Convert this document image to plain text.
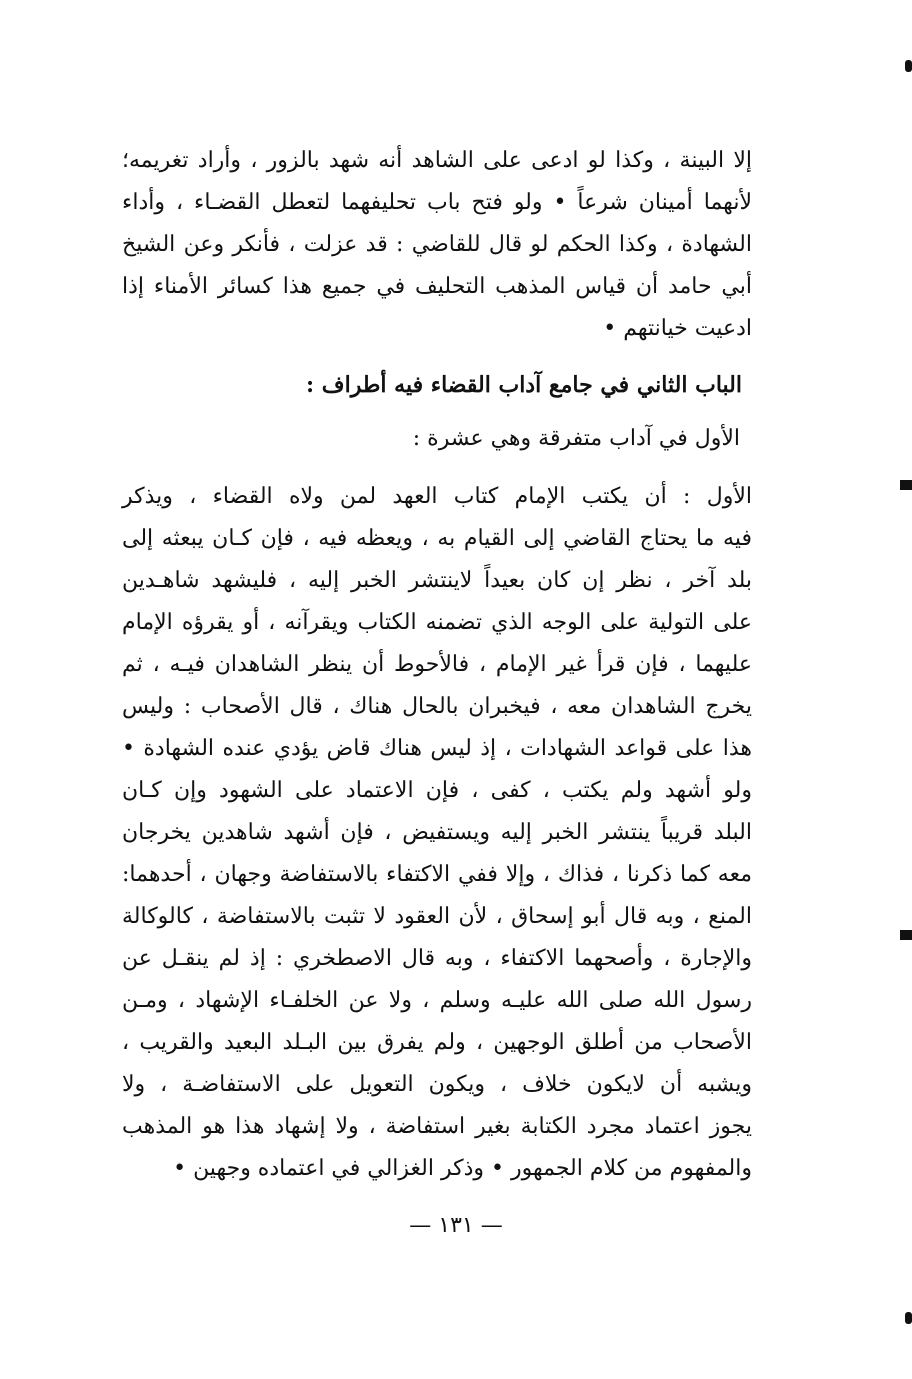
إلا البينة ، وكذا لو ادعى على الشاهد أنه شهد بالزور ، وأراد تغريمه؛
لأنهما أمينان شرعاً • ولو فتح باب تحليفهما لتعطل القضـاء ، وأداء
الشهادة ، وكذا الحكم لو قال للقاضي : قد عزلت ، فأنكر وعن الشيخ
أبي حامد أن قياس المذهب التحليف في جميع هذا كسائر الأمناء إذا
ادعيت خيانتهم •
الباب الثاني في جامع آداب القضاء فيه أطراف :
الأول في آداب متفرقة وهي عشرة :
الأول : أن يكتب الإمام كتاب العهد لمن ولاه القضاء ، ويذكر
فيه ما يحتاج القاضي إلى القيام به ، ويعظه فيه ، فإن كـان يبعثه إلى
بلد آخر ، نظر إن كان بعيداً لاينتشر الخبر إليه ، فليشهد شاهـدين
على التولية على الوجه الذي تضمنه الكتاب ويقرآنه ، أو يقرؤه الإمام
عليهما ، فإن قرأ غير الإمام ، فالأحوط أن ينظر الشاهدان فيـه ، ثم
يخرج الشاهدان معه ، فيخبران بالحال هناك ، قال الأصحاب : وليس
هذا على قواعد الشهادات ، إذ ليس هناك قاض يؤدي عنده الشهادة •
ولو أشهد ولم يكتب ، كفى ، فإن الاعتماد على الشهود وإن كـان
البلد قريباً ينتشر الخبر إليه ويستفيض ، فإن أشهد شاهدين يخرجان
معه كما ذكرنا ، فذاك ، وإلا ففي الاكتفاء بالاستفاضة وجهان ، أحدهما:
المنع ، وبه قال أبو إسحاق ، لأن العقود لا تثبت بالاستفاضة ، كالوكالة
والإجارة ، وأصحهما الاكتفاء ، وبه قال الاصطخري : إذ لم ينقـل عن
رسول الله صلى الله عليـه وسلم ، ولا عن الخلفـاء الإشهاد ، ومـن
الأصحاب من أطلق الوجهين ، ولم يفرق بين البـلد البعيد والقريب ،
ويشبه أن لايكون خلاف ، ويكون التعويل على الاستفاضـة ، ولا
يجوز اعتماد مجرد الكتابة بغير استفاضة ، ولا إشهاد هذا هو المذهب
والمفهوم من كلام الجمهور • وذكر الغزالي في اعتماده وجهين •
— ١٣١ —
